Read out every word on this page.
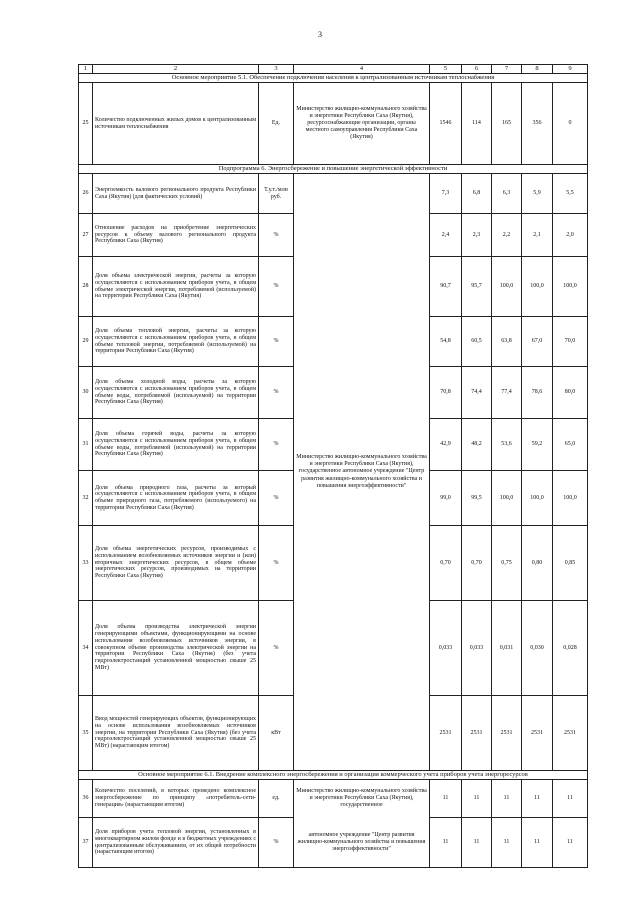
3
1	2	3	4	5	6	7	8	9
Основное мероприятие 5.1. Обеспечение подключения населения к централизованным источникам теплоснабжения								
25	Количество подключенных жилых домов к централизованным источникам теплоснабжения	Ед.	Министерство жилищно-коммунального хозяйства и энергетики Республики Саха (Якутия), ресурсоснабжающие организации, органы местного самоуправления Республики Саха (Якутия)	1546	114	165	356	0
Подпрограмма 6. Энергосбережение и повышение энергетической эффективности								
26	Энергоемкость валового регионального продукта Республики Саха (Якутия) (для фактических условий)	Т.у.т./млн руб.	Министерство жилищно-коммунального хозяйства и энергетики Республики Саха (Якутия), государственное автономное учреждение "Центр развития жилищно-коммунального хозяйства и повышения энергоэффективности"	7,3	6,8	6,3	5,9	5,5
27	Отношение расходов на приобретение энергетических ресурсов к объему валового регионального продукта Республики Саха (Якутия)	%		2,4	2,3	2,2	2,1	2,0
28	Доля объема электрической энергии, расчеты за которую осуществляются с использованием приборов учета, в общем объеме электрической энергии, потребляемой (используемой) на территории Республики Саха (Якутия)	%		90,7	95,7	100,0	100,0	100,0
29	Доля объема тепловой энергии, расчеты за которую осуществляются с использованием приборов учета, в общем объеме тепловой энергии, потребляемой (используемой) на территории Республики Саха (Якутия)	%		54,8	60,5	63,8	67,0	70,0
30	Доля объема холодной воды, расчеты за которую осуществляются с использованием приборов учета, в общем объеме воды, потребляемой (используемой) на территории Республики Саха (Якутия)	%		70,8	74,4	77,4	78,6	80,0
31	Доля объема горячей воды, расчеты за которую осуществляются с использованием приборов учета, в общем объеме воды, потребляемой (используемой) на территории Республики Саха (Якутия)	%		42,9	48,2	53,6	59,2	65,0
32	Доля объема природного газа, расчеты за который осуществляются с использованием приборов учета, в общем объеме природного газа, потребляемого (используемого) на территории Республики Саха (Якутия)	%		99,0	99,5	100,0	100,0	100,0
33	Доля объема энергетических ресурсов, производимых с использованием возобновляемых источников энергии и (или) вторичных энергетических ресурсов, в общем объеме энергетических ресурсов, производимых на территории Республики Саха (Якутия)	%		0,70	0,70	0,75	0,80	0,85
34	Доля объема производства электрической энергии генерирующими объектами, функционирующими на основе использования возобновляемых источников энергии, в совокупном объеме производства электрической энергии на территории Республики Саха (Якутия) (без учета гидроэлектростанций установленной мощностью свыше 25 МВт)	%		0,033	0,033	0,031	0,030	0,028
35	Ввод мощностей генерирующих объектов, функционирующих на основе использования возобновляемых источников энергии, на территории Республики Саха (Якутия) (без учета гидроэлектростанций установленной мощностью свыше 25 МВт) (нарастающим итогом)	кВт		2531	2531	2531	2531	2531
Основное мероприятие 6.1. Внедрение комплексного энергосбережения и организация коммерческого учета приборов учета энергоресурсов								
36	Количество поселений, в которых проведено комплексное энергосбережение по принципу «потребитель-сети-генерация» (нарастающим итогом)	ед.	Министерство жилищно-коммунального хозяйства и энергетики Республики Саха (Якутия), государственное	11	11	11	11	11
37	Доля приборов учета тепловой энергии, установленных в многоквартирном жилом фонде и в бюджетных учреждениях с централизованным обслуживанием, от их общей потребности (нарастающим итогом)	%	автономное учреждение "Центр развития жилищно-коммунального хозяйства и повышения энергоэффективности"	11	11	11	11	11
